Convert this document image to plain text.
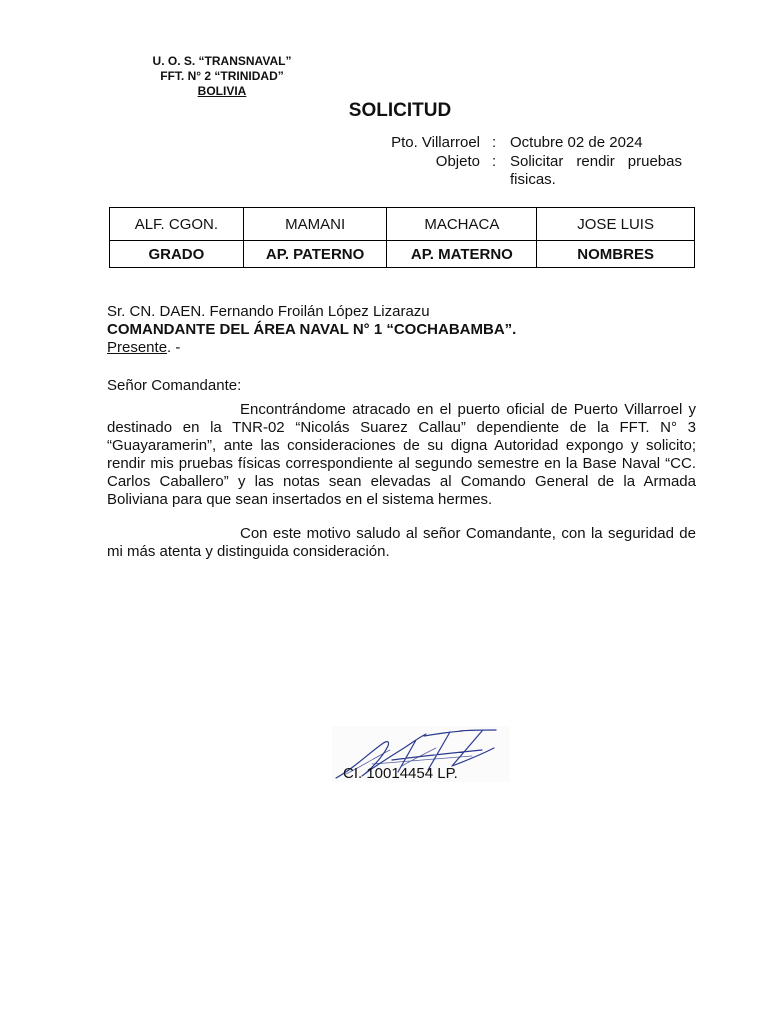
U. O. S. “TRANSNAVAL”
FFT. N° 2 “TRINIDAD”
BOLIVIA
SOLICITUD
Pto. Villarroel : Octubre 02 de 2024
Objeto : Solicitar rendir pruebas
fisicas.
ALF. CGON.	MAMANI	MACHACA	JOSE LUIS
GRADO	AP. PATERNO	AP. MATERNO	NOMBRES
Sr. CN. DAEN. Fernando Froilán López Lizarazu
COMANDANTE DEL ÁREA NAVAL N° 1 “COCHABAMBA”.
Presente. -
Señor Comandante:
Encontrándome atracado en el puerto oficial de Puerto Villarroel y destinado en la TNR-02 “Nicolás Suarez Callau” dependiente de la FFT. N° 3 “Guayaramerin”, ante las consideraciones de su digna Autoridad expongo y solicito; rendir mis pruebas físicas correspondiente al segundo semestre en la Base Naval “CC. Carlos Caballero” y las notas sean elevadas al Comando General de la Armada Boliviana para que sean insertados en el sistema hermes.
Con este motivo saludo al señor Comandante, con la seguridad de mi más atenta y distinguida consideración.
CI. 10014454 LP.
